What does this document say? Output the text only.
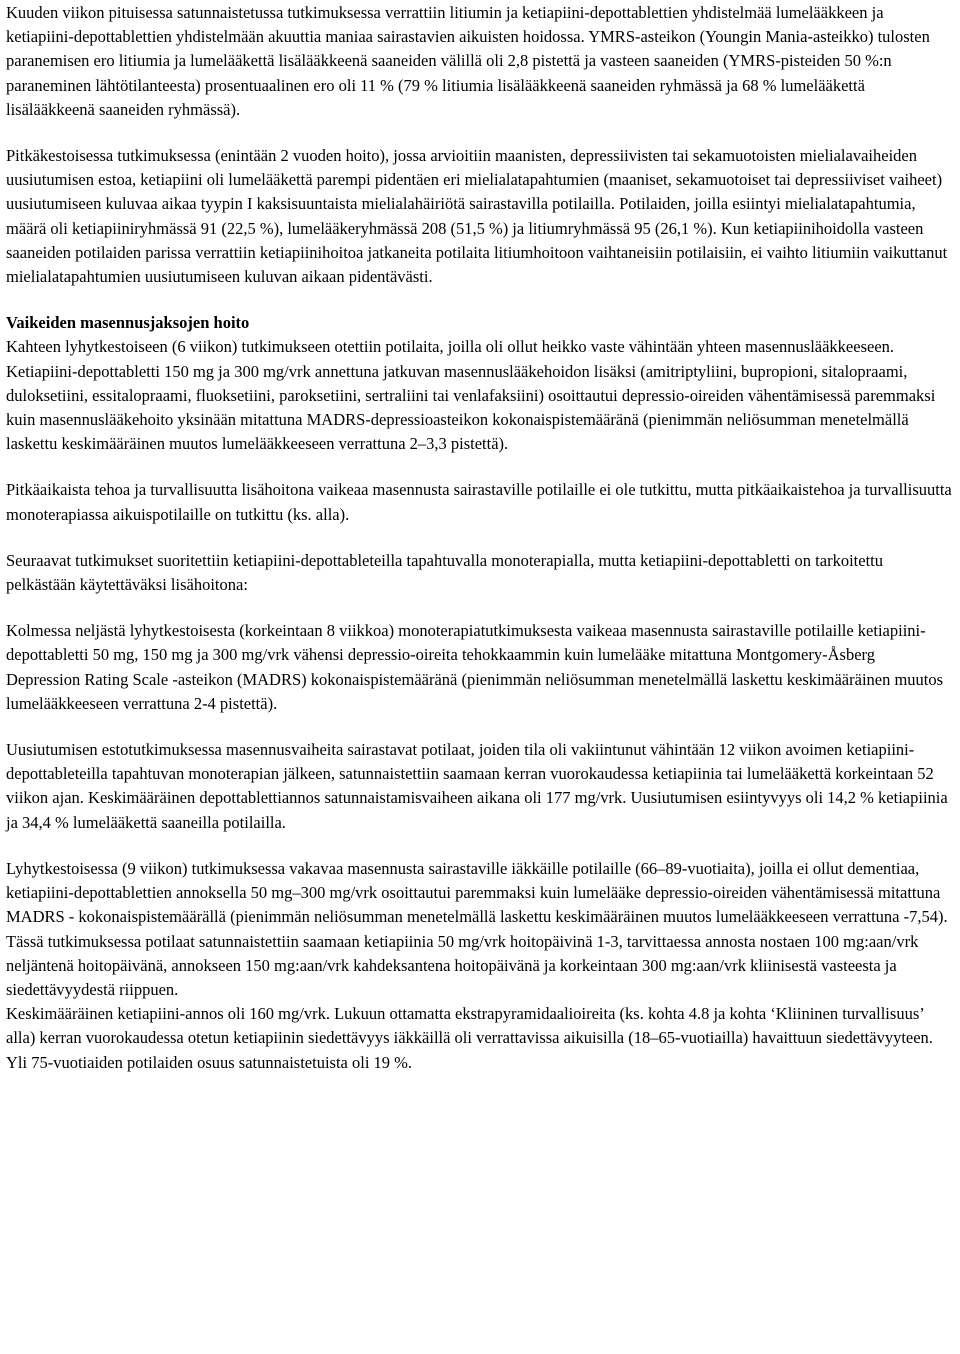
Kuuden viikon pituisessa satunnaistetussa tutkimuksessa verrattiin litiumin ja ketiapiini-depottablettien yhdistelmää lumelääkkeen ja ketiapiini-depottablettien yhdistelmään akuuttia maniaa sairastavien aikuisten hoidossa. YMRS-asteikon (Youngin Mania-asteikko) tulosten paranemisen ero litiumia ja lumelääkettä lisälääkkeenä saaneiden välillä oli 2,8 pistettä ja vasteen saaneiden (YMRS-pisteiden 50 %:n paraneminen lähtötilanteesta) prosentuaalinen ero oli 11 % (79 % litiumia lisälääkkeenä saaneiden ryhmässä ja 68 % lumelääkettä lisälääkkeenä saaneiden ryhmässä).

Pitkäkestoisessa tutkimuksessa (enintään 2 vuoden hoito), jossa arvioitiin maanisten, depressiivisten tai sekamuotoisten mielialavaiheiden uusiutumisen estoa, ketiapiini oli lumelääkettä parempi pidentäen eri mielialatapahtumien (maaniset, sekamuotoiset tai depressiiviset vaiheet) uusiutumiseen kuluvaa aikaa tyypin I kaksisuuntaista mielialahäiriötä sairastavilla potilailla. Potilaiden, joilla esiintyi mielialatapahtumia, määrä oli ketiapiiniryhmässä 91 (22,5 %), lumelääkeryhmässä 208 (51,5 %) ja litiumryhmässä 95 (26,1 %). Kun ketiapiinihoidolla vasteen saaneiden potilaiden parissa verrattiin ketiapiinihoitoa jatkaneita potilaita litiumhoitoon vaihtaneisiin potilaisiin, ei vaihto litiumiin vaikuttanut mielialatapahtumien uusiutumiseen kuluvan aikaan pidentävästi.

Vaikeiden masennusjaksojen hoito

Kahteen lyhytkestoiseen (6 viikon) tutkimukseen otettiin potilaita, joilla oli ollut heikko vaste vähintään yhteen masennuslääkkeeseen. Ketiapiini-depottabletti 150 mg ja 300 mg/vrk annettuna jatkuvan masennuslääkehoidon lisäksi (amitriptyliini, bupropioni, sitalopraami, duloksetiini, essitalopraami, fluoksetiini, paroksetiini, sertraliini tai venlafaksiini) osoittautui depressio-oireiden vähentämisessä paremmaksi kuin masennuslääkehoito yksinään mitattuna MADRS-depressioasteikon kokonaispistemääränä (pienimmän neliösumman menetelmällä laskettu keskimääräinen muutos lumelääkkeeseen verrattuna 2–3,3 pistettä).

Pitkäaikaista tehoa ja turvallisuutta lisähoitona vaikeaa masennusta sairastaville potilaille ei ole tutkittu, mutta pitkäaikaistehoa ja turvallisuutta monoterapiassa aikuispotilaille on tutkittu (ks. alla).

Seuraavat tutkimukset suoritettiin ketiapiini-depottableteilla tapahtuvalla monoterapialla, mutta ketiapiini-depottabletti on tarkoitettu pelkästään käytettäväksi lisähoitona:

Kolmessa neljästä lyhytkestoisesta (korkeintaan 8 viikkoa) monoterapiatutkimuksesta vaikeaa masennusta sairastaville potilaille ketiapiini-depottabletti 50 mg, 150 mg ja 300 mg/vrk vähensi depressio-oireita tehokkaammin kuin lumelääke mitattuna Montgomery-Åsberg Depression Rating Scale -asteikon (MADRS) kokonaispistemääränä (pienimmän neliösumman menetelmällä laskettu keskimääräinen muutos lumelääkkeeseen verrattuna 2-4 pistettä).

Uusiutumisen estotutkimuksessa masennusvaiheita sairastavat potilaat, joiden tila oli vakiintunut vähintään 12 viikon avoimen ketiapiini-depottableteilla tapahtuvan monoterapian jälkeen, satunnaistettiin saamaan kerran vuorokaudessa ketiapiinia tai lumelääkettä korkeintaan 52 viikon ajan. Keskimääräinen depottablettiannos satunnaistamisvaiheen aikana oli 177 mg/vrk. Uusiutumisen esiintyvyys oli 14,2 % ketiapiinia ja 34,4 % lumelääkettä saaneilla potilailla.

Lyhytkestoisessa (9 viikon) tutkimuksessa vakavaa masennusta sairastaville iäkkäille potilaille (66–89-vuotiaita), joilla ei ollut dementiaa, ketiapiini-depottablettien annoksella 50 mg–300 mg/vrk osoittautui paremmaksi kuin lumelääke depressio-oireiden vähentämisessä mitattuna MADRS - kokonaispistemäärällä (pienimmän neliösumman menetelmällä laskettu keskimääräinen muutos lumelääkkeeseen verrattuna -7,54). Tässä tutkimuksessa potilaat satunnaistettiin saamaan ketiapiinia 50 mg/vrk hoitopäivinä 1-3, tarvittaessa annosta nostaen 100 mg:aan/vrk neljäntenä hoitopäivänä, annokseen 150 mg:aan/vrk kahdeksantena hoitopäivänä ja korkeintaan 300 mg:aan/vrk kliinisestä vasteesta ja siedettävyydestä riippuen.

Keskimääräinen ketiapiini-annos oli 160 mg/vrk. Lukuun ottamatta ekstrapyramidaalioireita (ks. kohta 4.8 ja kohta ‘Kliininen turvallisuus’ alla) kerran vuorokaudessa otetun ketiapiinin siedettävyys iäkkäillä oli verrattavissa aikuisilla (18–65-vuotiailla) havaittuun siedettävyyteen. Yli 75-vuotiaiden potilaiden osuus satunnaistetuista oli 19 %.
